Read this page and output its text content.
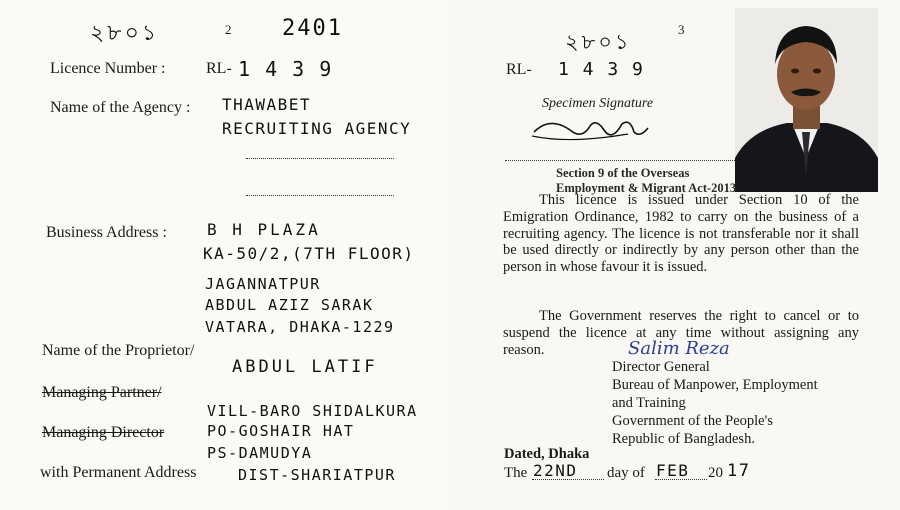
২৮০১	2 2401
Licence Number :	RL- 1 4 3 9
Name of the Agency : THAWABET
RECRUITING AGENCY
Business Address :	B H PLAZA
KA-50/2,(7TH FLOOR)
JAGANNATPUR
ABDUL AZIZ SARAK
VATARA, DHAKA-1229
Name of the Proprietor/
ABDUL LATIF
Managing Partner/
VILL-BARO SHIDALKURA
Managing Director	PO-GOSHAIR HAT
PS-DAMUDYA
with Permanent Address	DIST-SHARIATPUR
২৮০১
3
RL- 1 4 3 9
Specimen Signature
Section 9 of the Overseas
Employment & Migrant Act-2013
This licence is issued under Section 10 of the Emigration Ordinance, 1982 to carry on the business of a recruiting agency. The licence is not transferable nor it shall be used directly or indirectly by any person other than the person in whose favour it is issued.
The Government reserves the right to cancel or to suspend the licence at any time without assigning any reason.	Salim Reza
Director General
Bureau of Manpower, Employment
and Training
Government of the People's
Republic of Bangladesh.
Dated, Dhaka
The 22ND day of FEB 20 17
